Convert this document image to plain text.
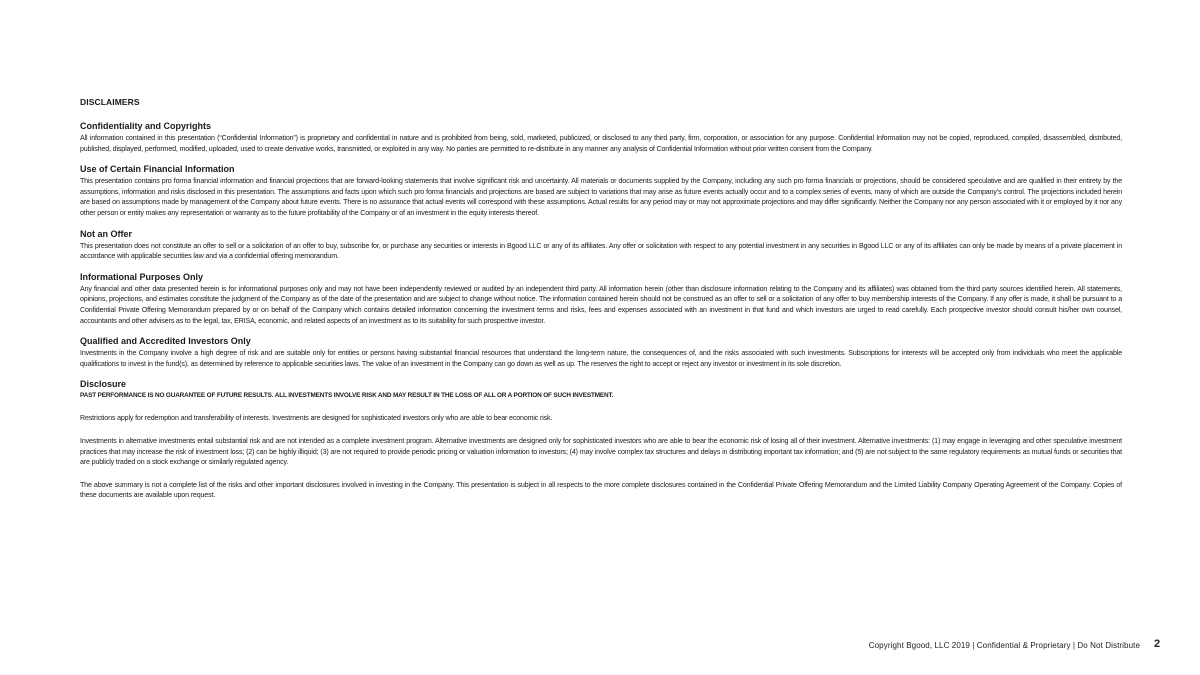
DISCLAIMERS
Confidentiality and Copyrights

All information contained in this presentation (“Confidential Information”) is proprietary and confidential in nature and is prohibited from being, sold, marketed, publicized, or disclosed to any third party, firm, corporation, or association for any purpose. Confidential Information may not be copied, reproduced, compiled, disassembled, distributed, published, displayed, performed, modified, uploaded, used to create derivative works, transmitted, or exploited in any way. No parties are permitted to re-distribute in any manner any analysis of Confidential Information without prior written consent from the Company.

Use of Certain Financial Information

This presentation contains pro forma financial information and financial projections that are forward-looking statements that involve significant risk and uncertainty. All materials or documents supplied by the Company, including any such pro forma financials or projections, should be considered speculative and are qualified in their entirety by the assumptions, information and risks disclosed in this presentation. The assumptions and facts upon which such pro forma financials and projections are based are subject to variations that may arise as future events actually occur and to a complex series of events, many of which are outside the Company’s control. The projections included herein are based on assumptions made by management of the Company about future events. There is no assurance that actual events will correspond with these assumptions. Actual results for any period may or may not approximate projections and may differ significantly. Neither the Company nor any person associated with it or employed by it nor any other person or entity makes any representation or warranty as to the future profitability of the Company or of an investment in the equity interests thereof.

Not an Offer

This presentation does not constitute an offer to sell or a solicitation of an offer to buy, subscribe for, or purchase any securities or interests in Bgood LLC or any of its affiliates. Any offer or solicitation with respect to any potential investment in any securities in Bgood LLC or any of its affiliates can only be made by means of a private placement in accordance with applicable securities law and via a confidential offering memorandum.

Informational Purposes Only

Any financial and other data presented herein is for informational purposes only and may not have been independently reviewed or audited by an independent third party. All information herein (other than disclosure information relating to the Company and its affiliates) was obtained from the third party sources identified herein. All statements, opinions, projections, and estimates constitute the judgment of the Company as of the date of the presentation and are subject to change without notice. The information contained herein should not be construed as an offer to sell or a solicitation of any offer to buy membership interests of the Company. If any offer is made, it shall be pursuant to a Confidential Private Offering Memorandum prepared by or on behalf of the Company which contains detailed information concerning the investment terms and risks, fees and expenses associated with an investment in that fund and which investors are urged to read carefully. Each prospective investor should consult his/her own counsel, accountants and other advisers as to the legal, tax, ERISA, economic, and related aspects of an investment as to its suitability for such prospective investor.

Qualified and Accredited Investors Only

Investments in the Company involve a high degree of risk and are suitable only for entities or persons having substantial financial resources that understand the long-term nature, the consequences of, and the risks associated with such investments. Subscriptions for interests will be accepted only from individuals who meet the applicable qualifications to invest in the fund(s), as determined by reference to applicable securities laws. The value of an investment in the Company can go down as well as up. The reserves the right to accept or reject any investor or investment in its sole discretion.

Disclosure

PAST PERFORMANCE IS NO GUARANTEE OF FUTURE RESULTS. ALL INVESTMENTS INVOLVE RISK AND MAY RESULT IN THE LOSS OF ALL OR A PORTION OF SUCH INVESTMENT.

Restrictions apply for redemption and transferability of interests. Investments are designed for sophisticated investors only who are able to bear economic risk.

Investments in alternative investments entail substantial risk and are not intended as a complete investment program. Alternative investments are designed only for sophisticated investors who are able to bear the economic risk of losing all of their investment. Alternative investments: (1) may engage in leveraging and other speculative investment practices that may increase the risk of investment loss; (2) can be highly illiquid; (3) are not required to provide periodic pricing or valuation information to investors; (4) may involve complex tax structures and delays in distributing important tax information; and (5) are not subject to the same regulatory requirements as mutual funds or securities that are publicly traded on a stock exchange or similarly regulated agency.

The above summary is not a complete list of the risks and other important disclosures involved in investing in the Company. This presentation is subject in all respects to the more complete disclosures contained in the Confidential Private Offering Memorandum and the Limited Liability Company Operating Agreement of the Company. Copies of these documents are available upon request.

Copyright Bgood, LLC 2019 | Confidential & Proprietary | Do Not Distribute 2
